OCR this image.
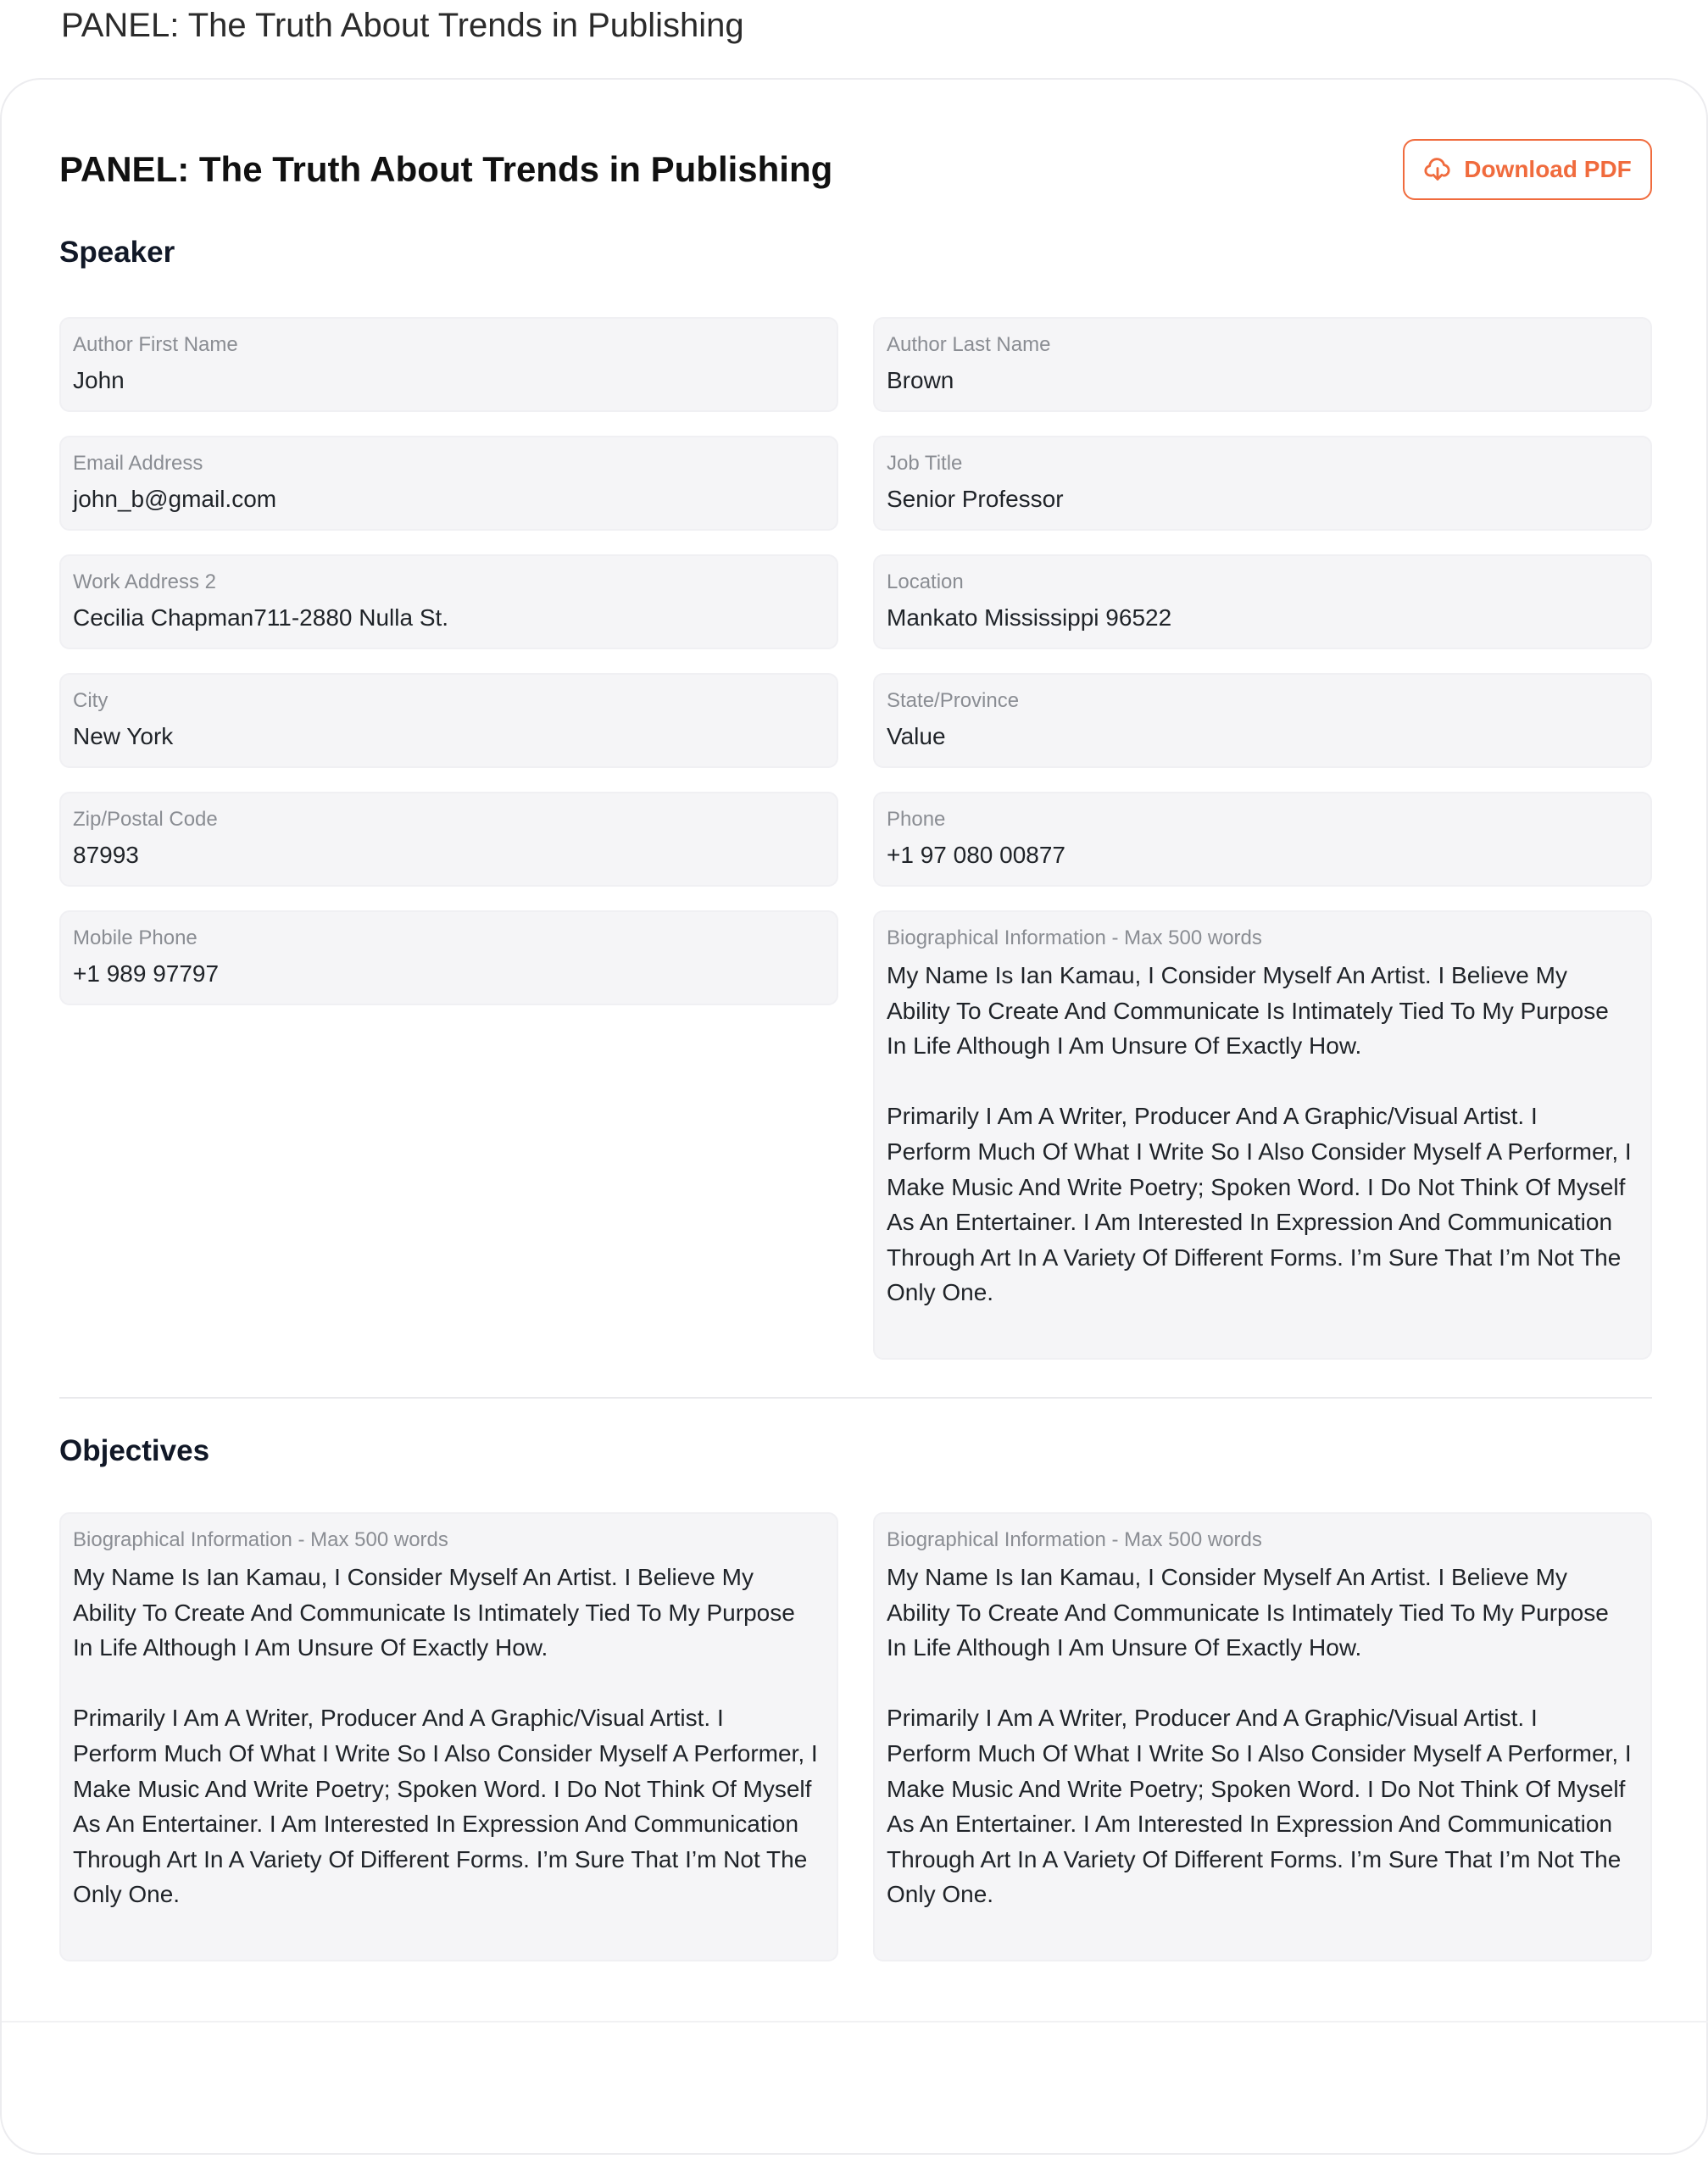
PANEL: The Truth About Trends in Publishing
PANEL: The Truth About Trends in Publishing	Download PDF
Speaker
Author First Name
John
Author Last Name
Brown
Email Address
john_b@gmail.com
Job Title
Senior Professor
Work Address 2
Cecilia Chapman711-2880 Nulla St.
Location
Mankato Mississippi 96522
City
New York
State/Province
Value
Zip/Postal Code
87993
Phone
+1 97 080 00877
Mobile Phone
+1 989 97797
Biographical Information - Max 500 words
My Name Is Ian Kamau, I Consider Myself An Artist. I Believe My
Ability To Create And Communicate Is Intimately Tied To My Purpose
In Life Although I Am Unsure Of Exactly How.

Primarily I Am A Writer, Producer And A Graphic/Visual Artist. I
Perform Much Of What I Write So I Also Consider Myself A Performer, I
Make Music And Write Poetry; Spoken Word. I Do Not Think Of Myself
As An Entertainer. I Am Interested In Expression And Communication
Through Art In A Variety Of Different Forms. I’m Sure That I’m Not The
Only One.
Objectives
Biographical Information - Max 500 words
My Name Is Ian Kamau, I Consider Myself An Artist. I Believe My
Ability To Create And Communicate Is Intimately Tied To My Purpose
In Life Although I Am Unsure Of Exactly How.

Primarily I Am A Writer, Producer And A Graphic/Visual Artist. I
Perform Much Of What I Write So I Also Consider Myself A Performer, I
Make Music And Write Poetry; Spoken Word. I Do Not Think Of Myself
As An Entertainer. I Am Interested In Expression And Communication
Through Art In A Variety Of Different Forms. I’m Sure That I’m Not The
Only One.
Biographical Information - Max 500 words
My Name Is Ian Kamau, I Consider Myself An Artist. I Believe My
Ability To Create And Communicate Is Intimately Tied To My Purpose
In Life Although I Am Unsure Of Exactly How.

Primarily I Am A Writer, Producer And A Graphic/Visual Artist. I
Perform Much Of What I Write So I Also Consider Myself A Performer, I
Make Music And Write Poetry; Spoken Word. I Do Not Think Of Myself
As An Entertainer. I Am Interested In Expression And Communication
Through Art In A Variety Of Different Forms. I’m Sure That I’m Not The
Only One.
